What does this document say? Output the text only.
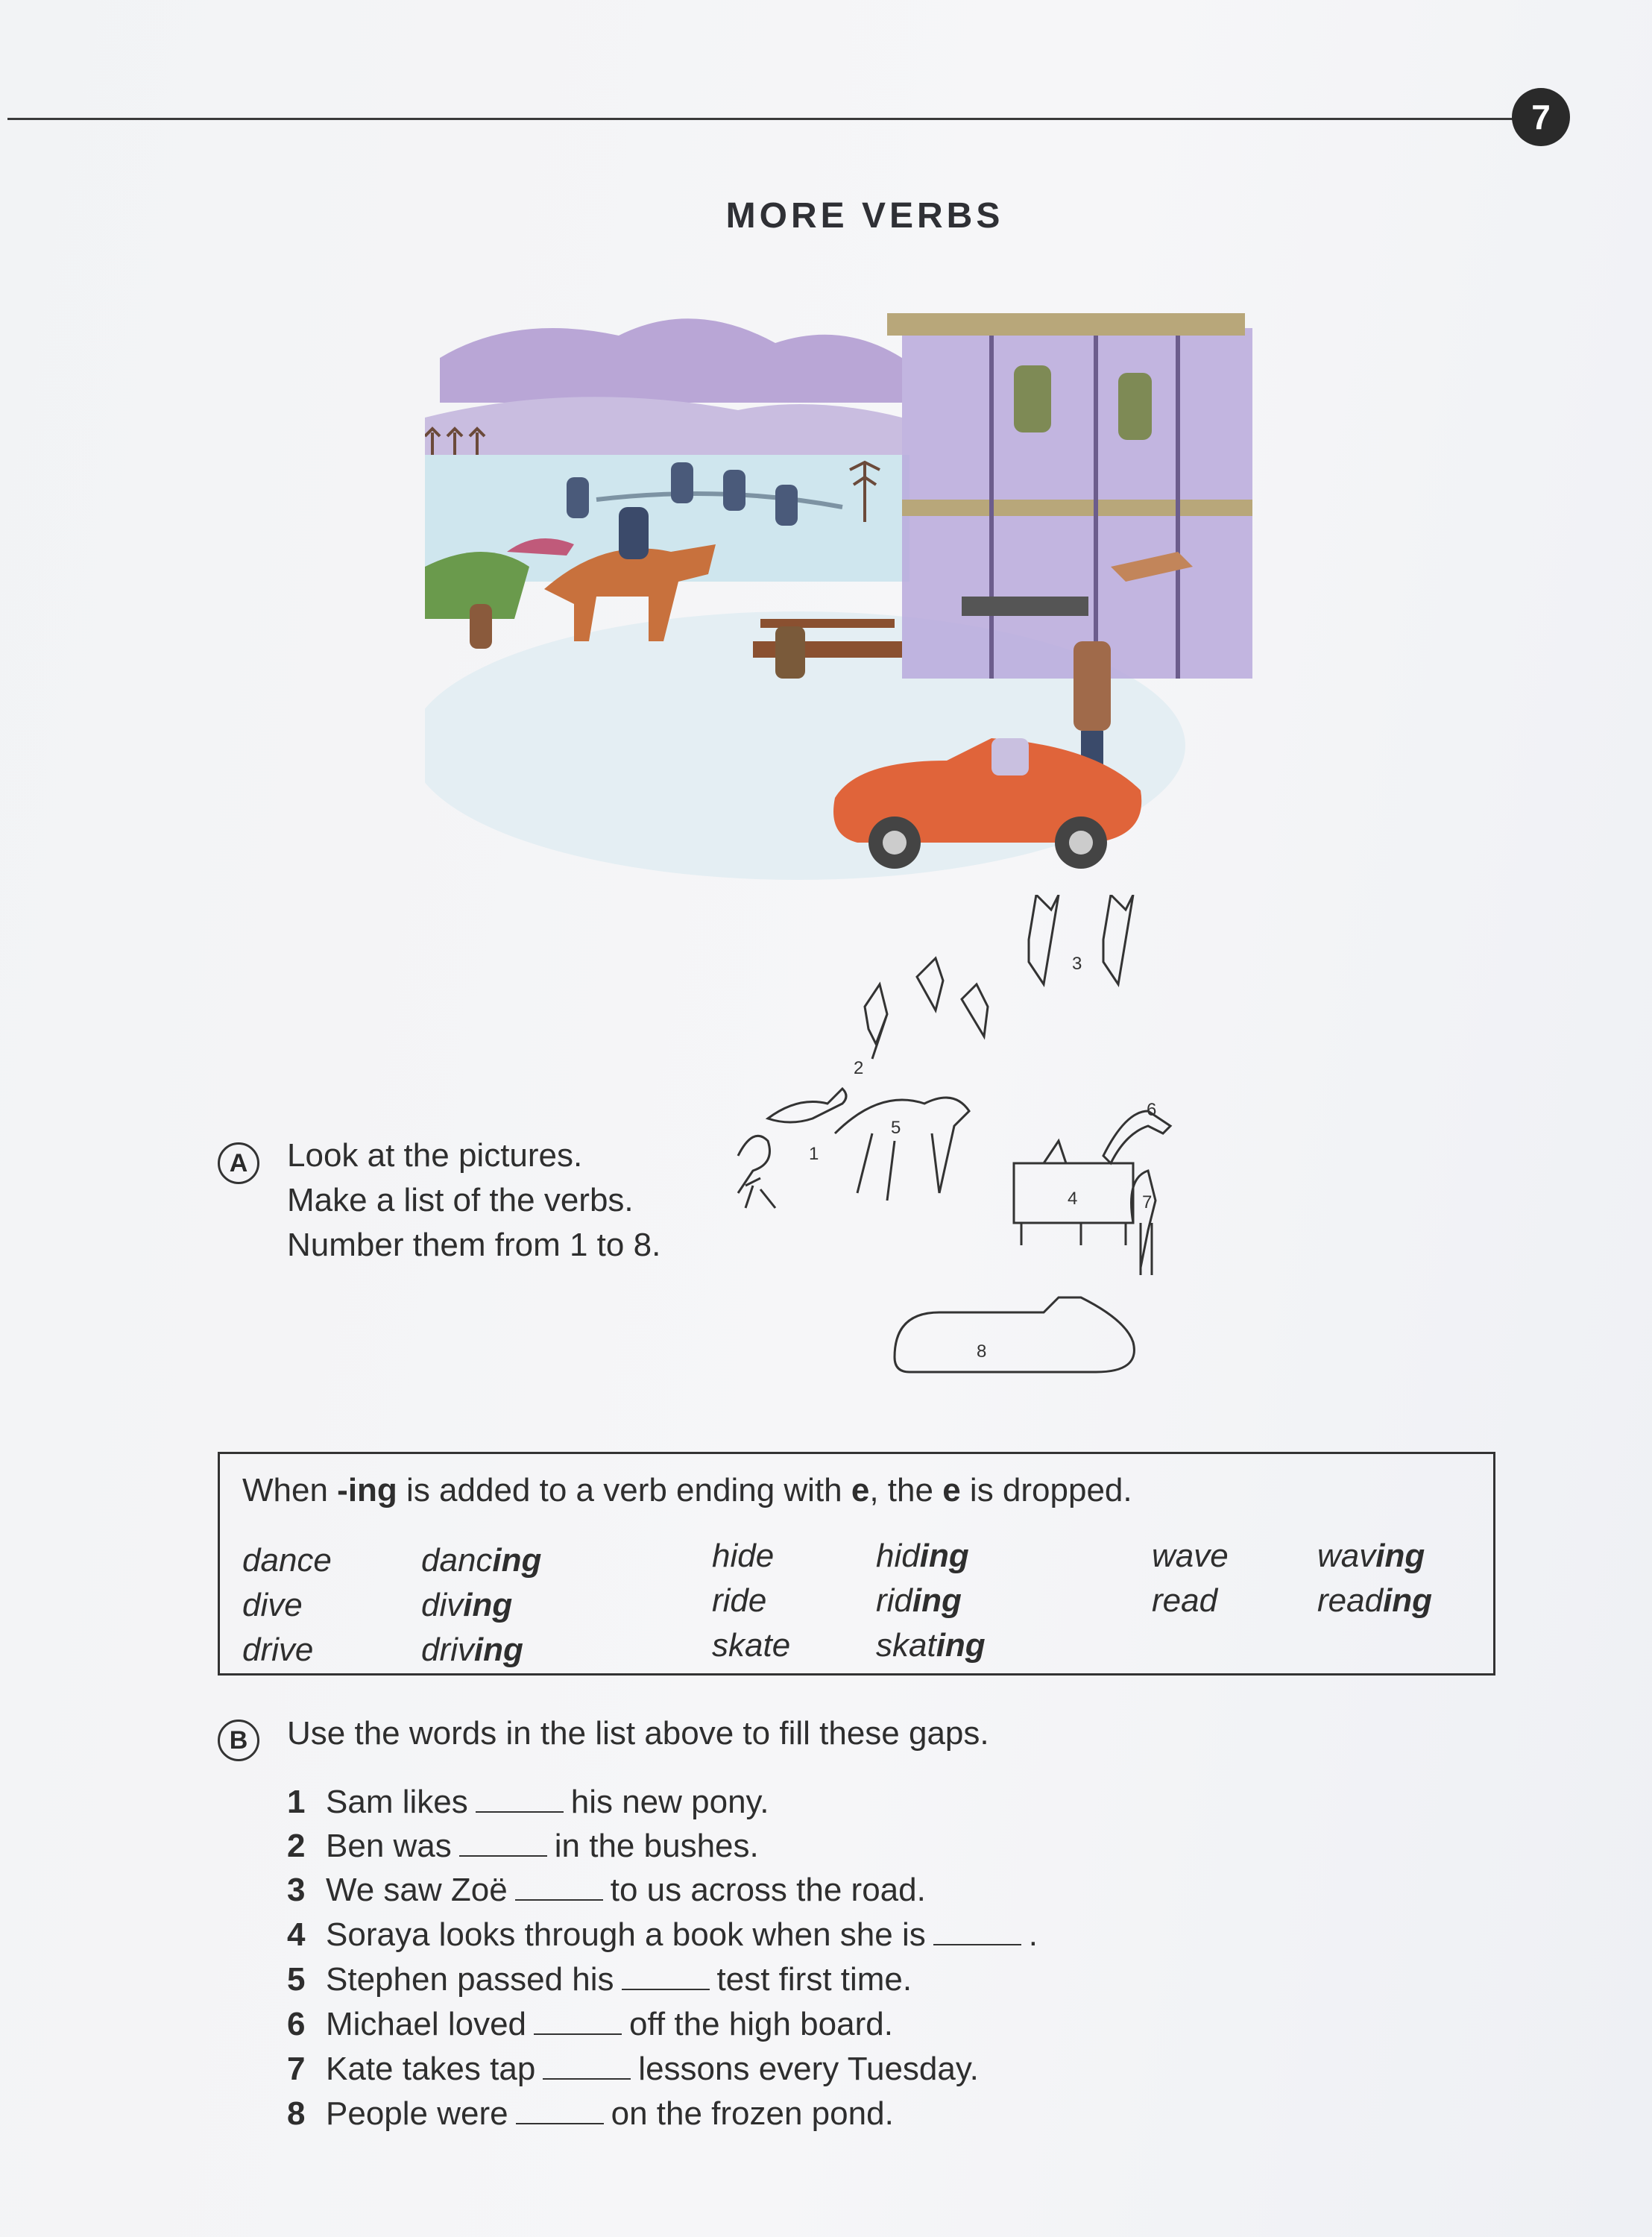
7
MORE VERBS
1
2
3
4
5
6
7
8
A	Look at the pictures.
Make a list of the verbs.
Number them from 1 to 8.
When -ing is added to a verb ending with e, the e is dropped.
dance	dancing
dive	diving
drive	driving
hide	hiding
ride	riding
skate	skating
wave	waving
read	reading
B	Use the words in the list above to fill these gaps.
1 Sam likes	his new pony.
2 Ben was	in the bushes.
3 We saw Zoë	to us across the road.
4 Soraya looks through a book when she is	.
5 Stephen passed his	test first time.
6 Michael loved	off the high board.
7 Kate takes tap	lessons every Tuesday.
8 People were	on the frozen pond.
